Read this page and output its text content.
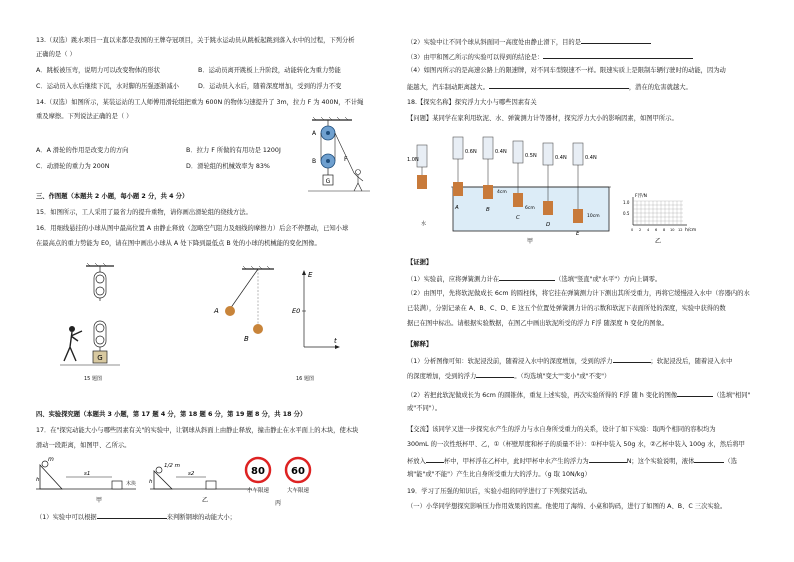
13.（双选）跳水项目一直以来都是我国的王牌夺冠项目，关于跳水运动员从跳板起跳到落入水中的过程，下列分析
正确的是（ ）
A．跳板被压弯，说明力可以改变物体的形状	B．运动员离开跳板上升阶段，动能转化为重力势能
C．运动员入水后继续下沉，水对脚的压强逐渐减小	D．运动员入水后，随着深度增加，受到的浮力不变
14.（双选）如图所示，某装运站的工人师傅用滑轮组把重为 600N 的物体匀速提升了 3m，拉力 F 为 400N，不计绳
重及摩擦。下列说法正确的是（ ）
A．A 滑轮的作用是改变力的方向	B．拉力 F 所做的有用功是 1200J
C．动滑轮的重力为 200N	D．滑轮组的机械效率为 83%
G
A
B	F
三、作图题（本题共 2 小题，每小题 2 分，共 4 分）
15．如图所示，工人采用了最省力的提升重物，请你画出滑轮组的绕线方法。
16．用细线悬挂的小球从图中最高位置 A 由静止释放（忽略空气阻力及细线的摩擦力）后会不停摆动，已知小球
在最高点的重力势能为 E0，请在图中画出小球从 A 处下降到最低点 B 处的小球的机械能的变化图像。
G
15 题图
A
B
E
E0
t
16 题图
四、实验探究题（本题共 3 小题，第 17 题 4 分，第 18 题 6 分，第 19 题 8 分，共 18 分）
17．在"探究动能大小与哪些因素有关"的实验中，让钢球从斜面上由静止释放，撞击静止在水平面上的木块，使木块
滑动一段距离，如图甲、乙所示。
m
h
s1
木块
1/2 m
h
s2
甲	乙
80
小车限速
60
大车限速
丙
（1）实验中可以根据	来判断钢球的动能大小；
（2）实验中让不同个球从斜面同一高度处由静止滑下，目的是
（3）由甲和图乙所示的实验可以得到的结论是：
（4）如图丙所示的是高速公路上的限速牌，对不同车型限速不一样。限速实质上是限制车辆行驶时的动能，因为动
能越大，汽车制动距离越大。	，潜在的危害就越大。
18.【探究名称】探究浮力大小与哪些因素有关
【问题】某同学在家利用软泥、水、弹簧测力计等器材，探究浮力大小的影响因素，如图甲所示。
水
1.0N
0.6N
A
0.4N
B
4cm
0.5N
C
0.4N
D
6cm
0.4N
E
10cm
甲
F浮/N
h/cm
1.0
0.5
0 2 4 6 8 10 12
乙
【证据】
（1）实验前，应将弹簧测力计在	（选填"竖直"或"水平"）方向上调零。
（2）由图甲，先将软泥做成长 6cm 的圆柱体，将它挂在弹簧测力计下测出其所受重力，再将它缓慢浸入水中（容器内的水
已装满），分别记录在 A、B、C、D、E 这五个位置处弹簧测力计的示数和软泥下表面所处的深度，实验中获得的数
据已在图中标出。请根据实验数据，在图乙中画出软泥所受的浮力 F浮 随深度 h 变化的图象。
【解释】
（1）分析图像可知：软泥浸没前，随着浸入水中的深度增加，受到的浮力	；软泥浸没后，随着浸入水中
的深度增加，受到的浮力	。（均选填"变大""变小"或"不变"）
（2）若把此软泥做成长为 6cm 的圆锥体，重复上述实验，再次实验所得的 F浮 随 h 变化的图像	（选填"相同"
或"不同"）。
【交流】该同学又进一步探究水产生的浮力与水自身所受重力的关系，设计了如下实验：取两个相同的容积均为
300mL 的一次性纸杯甲、乙，①（杯壁厚度和杯子的质量不计）：①杯中装入 50g 水，②乙杯中装入 100g 水，然后将甲
杯放入	杯中，甲杯浮在乙杯中，此时甲杯中水产生的浮力为	N；这个实验说明，液体	（选
填"能"或"不能"）产生比自身所受重力大的浮力。（g 取 10N/kg）
19．学习了压强的知识后，实验小组的同学进行了下列探究活动。
（一）小华同学想探究影响压力作用效果的因素。他使用了海绵、小桌和钩码，进行了如图的 A、B、C 三次实验。
